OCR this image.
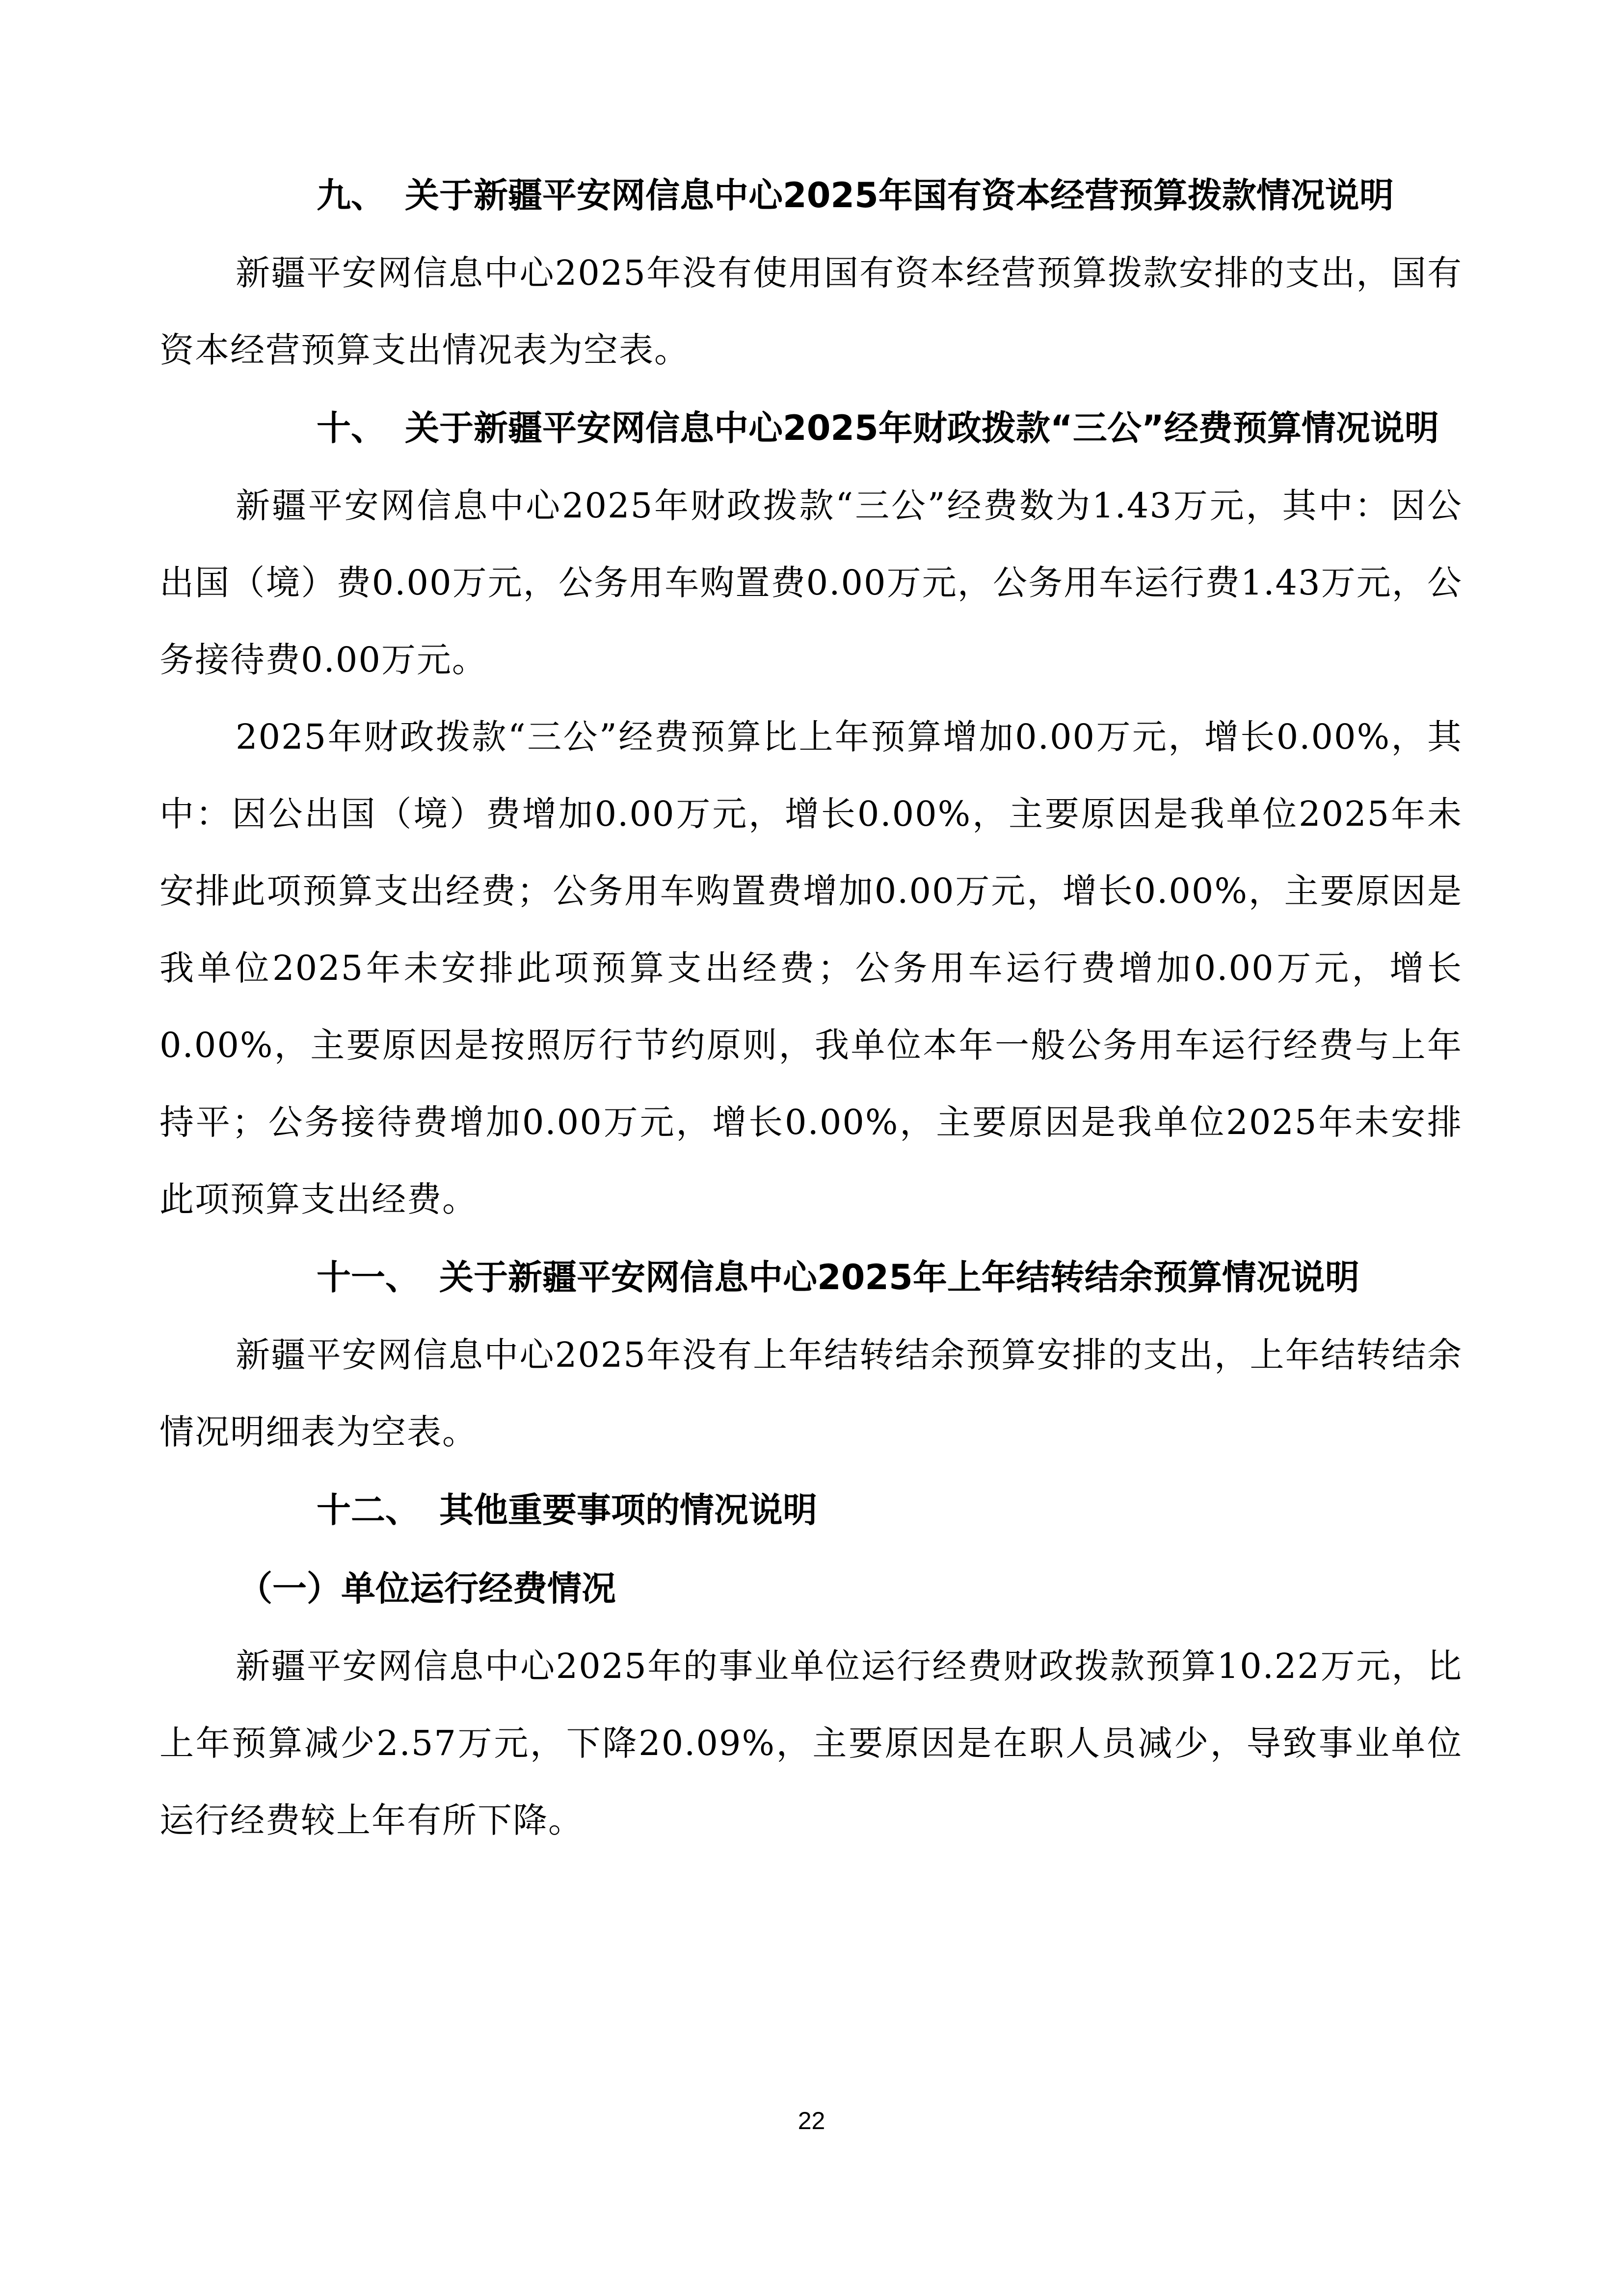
九、 关于新疆平安网信息中心2025年国有资本经营预算拨款情况说明

新疆平安网信息中心2025年没有使用国有资本经营预算拨款安排的支出，国有资本经营预算支出情况表为空表。

十、 关于新疆平安网信息中心2025年财政拨款“三公”经费预算情况说明

新疆平安网信息中心2025年财政拨款“三公”经费数为1.43万元，其中：因公出国（境）费0.00万元，公务用车购置费0.00万元，公务用车运行费1.43万元，公务接待费0.00万元。

2025年财政拨款“三公”经费预算比上年预算增加0.00万元，增长0.00%，其中：因公出国（境）费增加0.00万元，增长0.00%，主要原因是我单位2025年未安排此项预算支出经费；公务用车购置费增加0.00万元，增长0.00%，主要原因是我单位2025年未安排此项预算支出经费；公务用车运行费增加0.00万元，增长0.00%，主要原因是按照厉行节约原则，我单位本年一般公务用车运行经费与上年持平；公务接待费增加0.00万元，增长0.00%，主要原因是我单位2025年未安排此项预算支出经费。

十一、 关于新疆平安网信息中心2025年上年结转结余预算情况说明

新疆平安网信息中心2025年没有上年结转结余预算安排的支出，上年结转结余情况明细表为空表。

十二、 其他重要事项的情况说明
（一）单位运行经费情况

新疆平安网信息中心2025年的事业单位运行经费财政拨款预算10.22万元，比上年预算减少2.57万元，下降20.09%，主要原因是在职人员减少，导致事业单位运行经费较上年有所下降。

22
